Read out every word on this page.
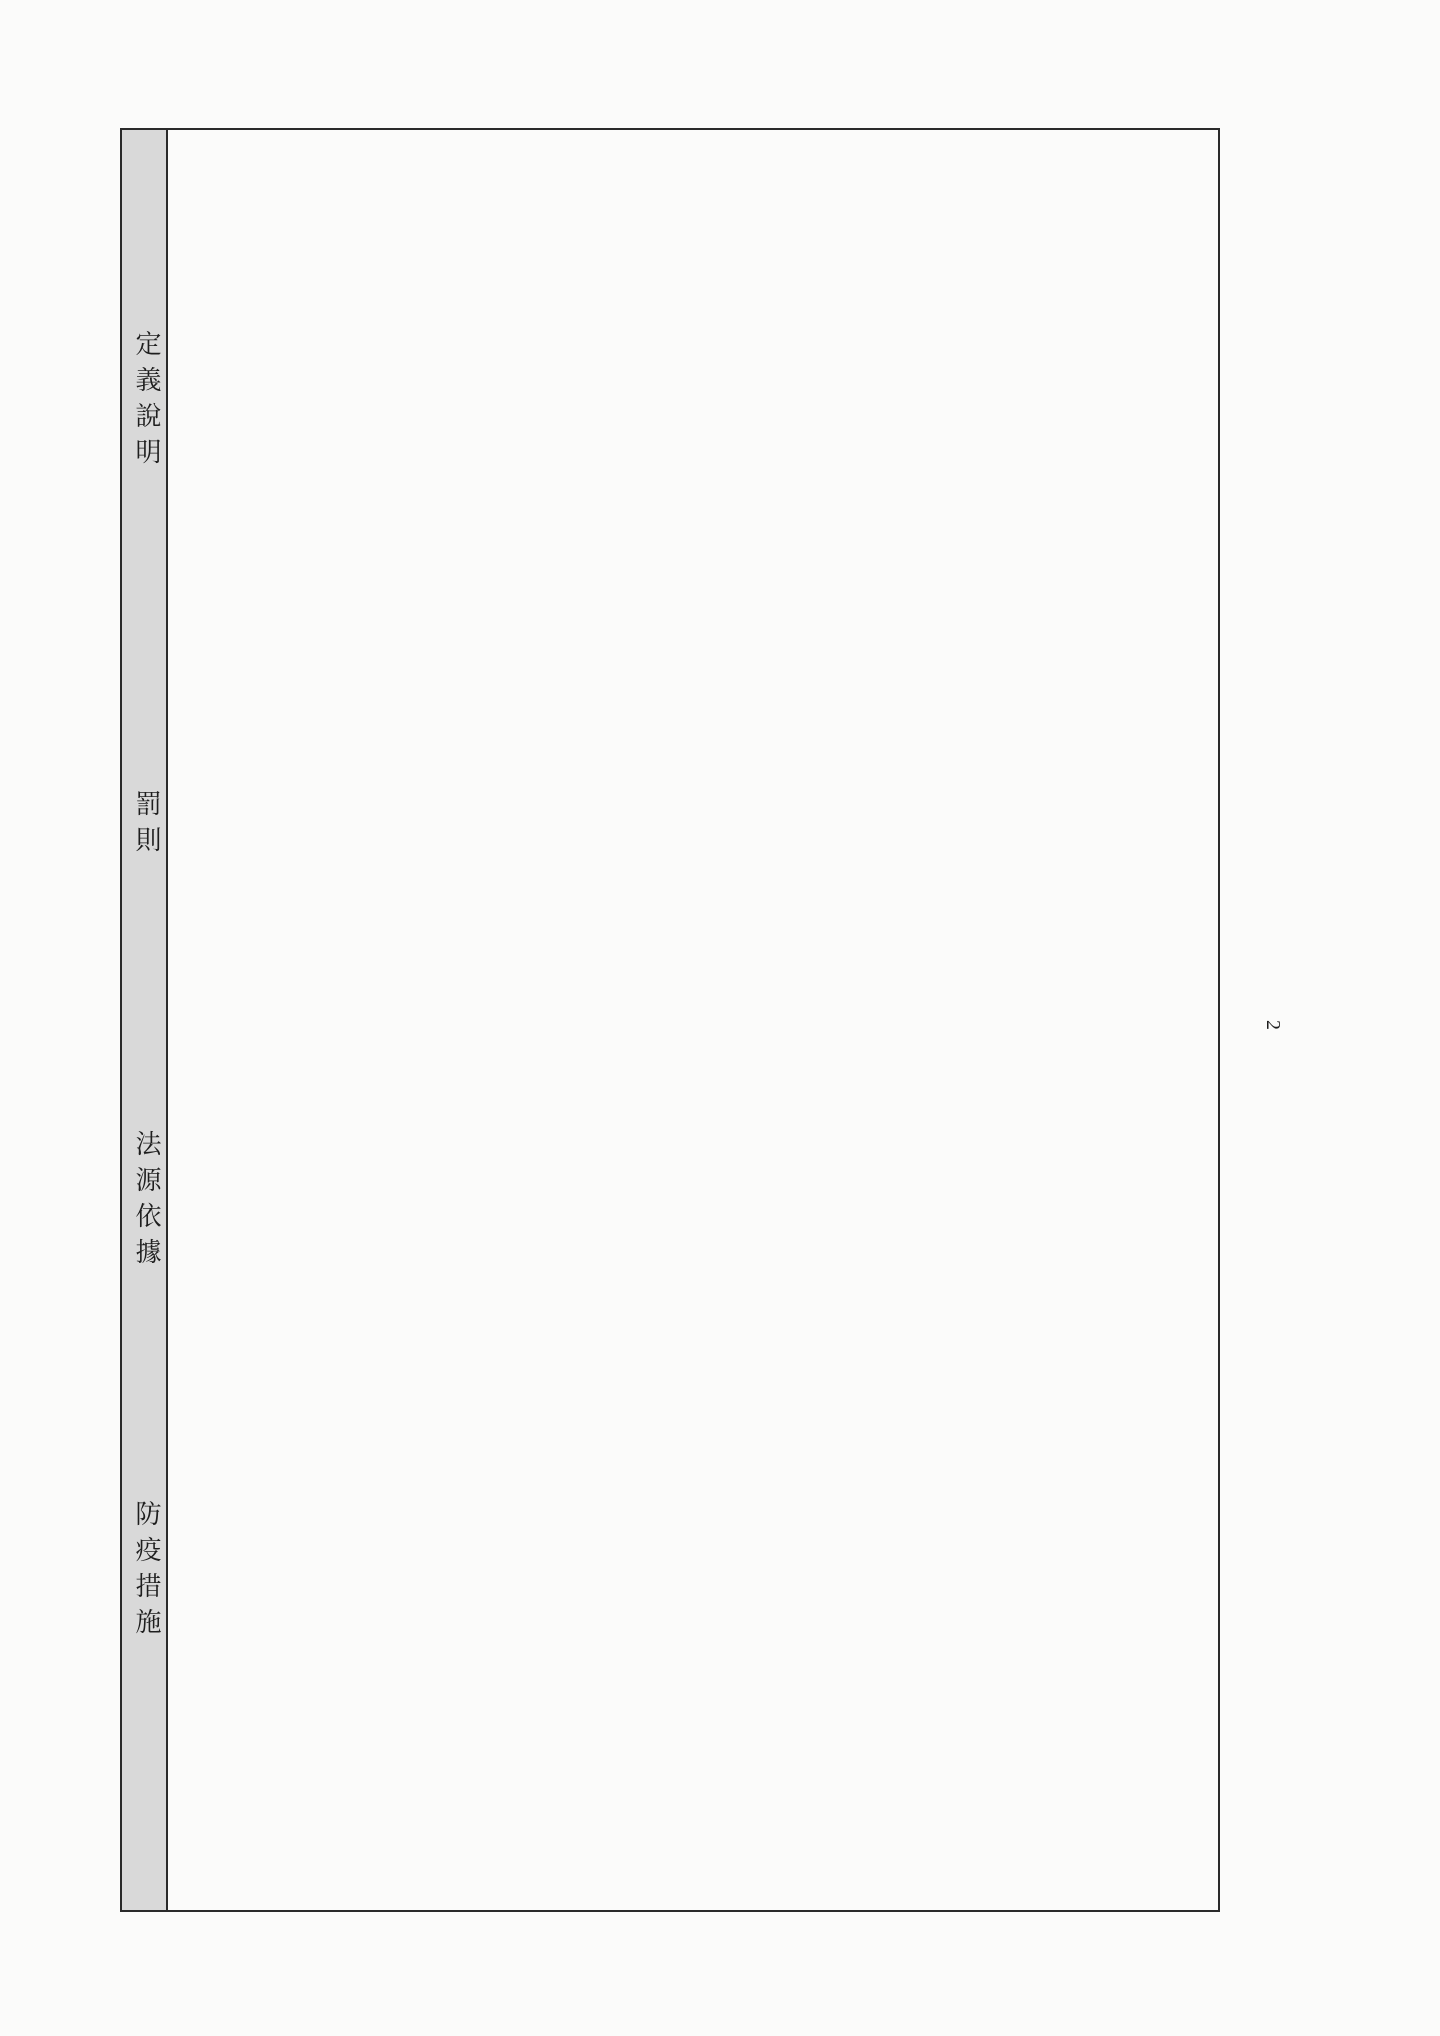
2
防疫措施
法源依據
罰則
定義說明
